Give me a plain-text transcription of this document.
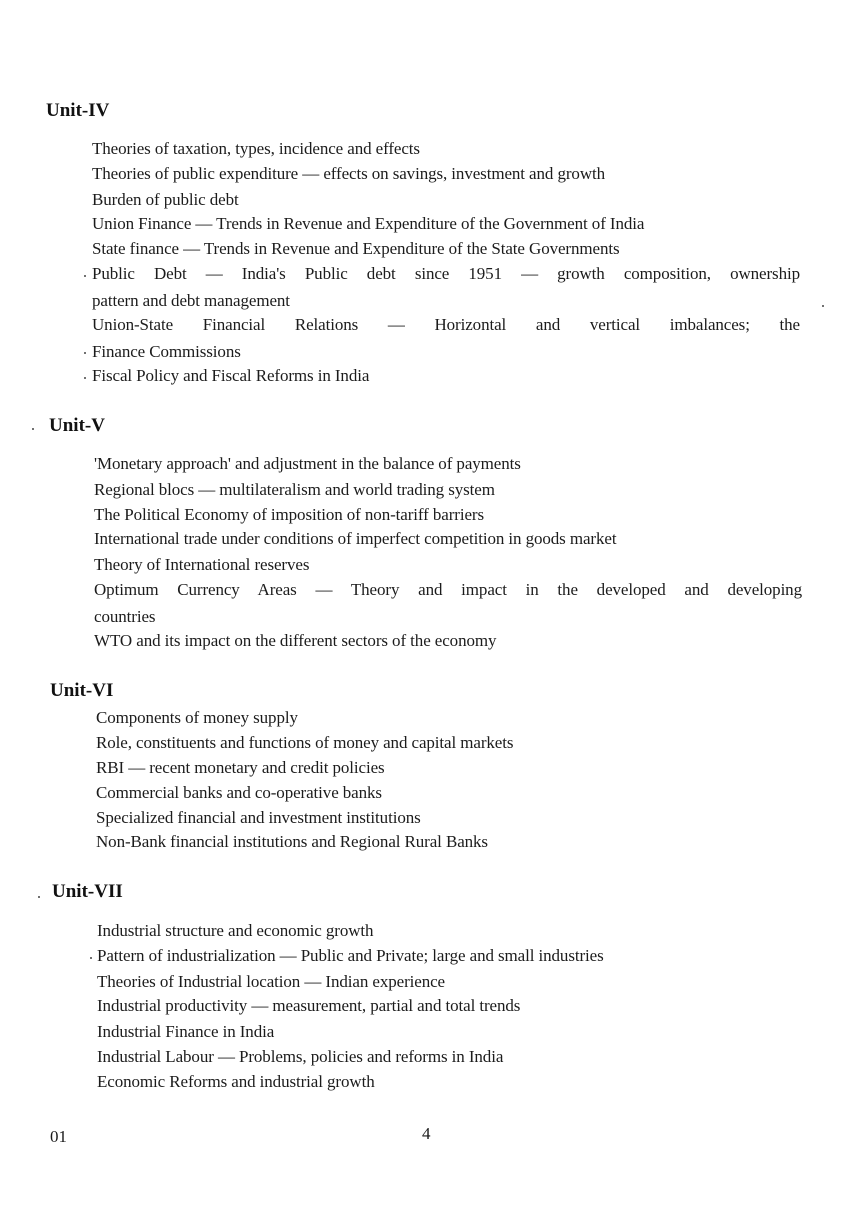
Unit-IV
Theories of taxation, types, incidence and effects
Theories of public expenditure — effects on savings, investment and growth
Burden of public debt
Union Finance — Trends in Revenue and Expenditure of the Government of India
State finance — Trends in Revenue and Expenditure of the State Governments
Public Debt — India's Public debt since 1951 — growth composition, ownership
pattern and debt management
Union-State Financial Relations — Horizontal and vertical imbalances; the
Finance Commissions
Fiscal Policy and Fiscal Reforms in India
Unit-V
'Monetary approach' and adjustment in the balance of payments
Regional blocs — multilateralism and world trading system
The Political Economy of imposition of non-tariff barriers
International trade under conditions of imperfect competition in goods market
Theory of International reserves
Optimum Currency Areas — Theory and impact in the developed and developing
countries
WTO and its impact on the different sectors of the economy
Unit-VI
Components of money supply
Role, constituents and functions of money and capital markets
RBI — recent monetary and credit policies
Commercial banks and co-operative banks
Specialized financial and investment institutions
Non-Bank financial institutions and Regional Rural Banks
Unit-VII
Industrial structure and economic growth
Pattern of industrialization — Public and Private; large and small industries
Theories of Industrial location — Indian experience
Industrial productivity — measurement, partial and total trends
Industrial Finance in India
Industrial Labour — Problems, policies and reforms in India
Economic Reforms and industrial growth
01	4
